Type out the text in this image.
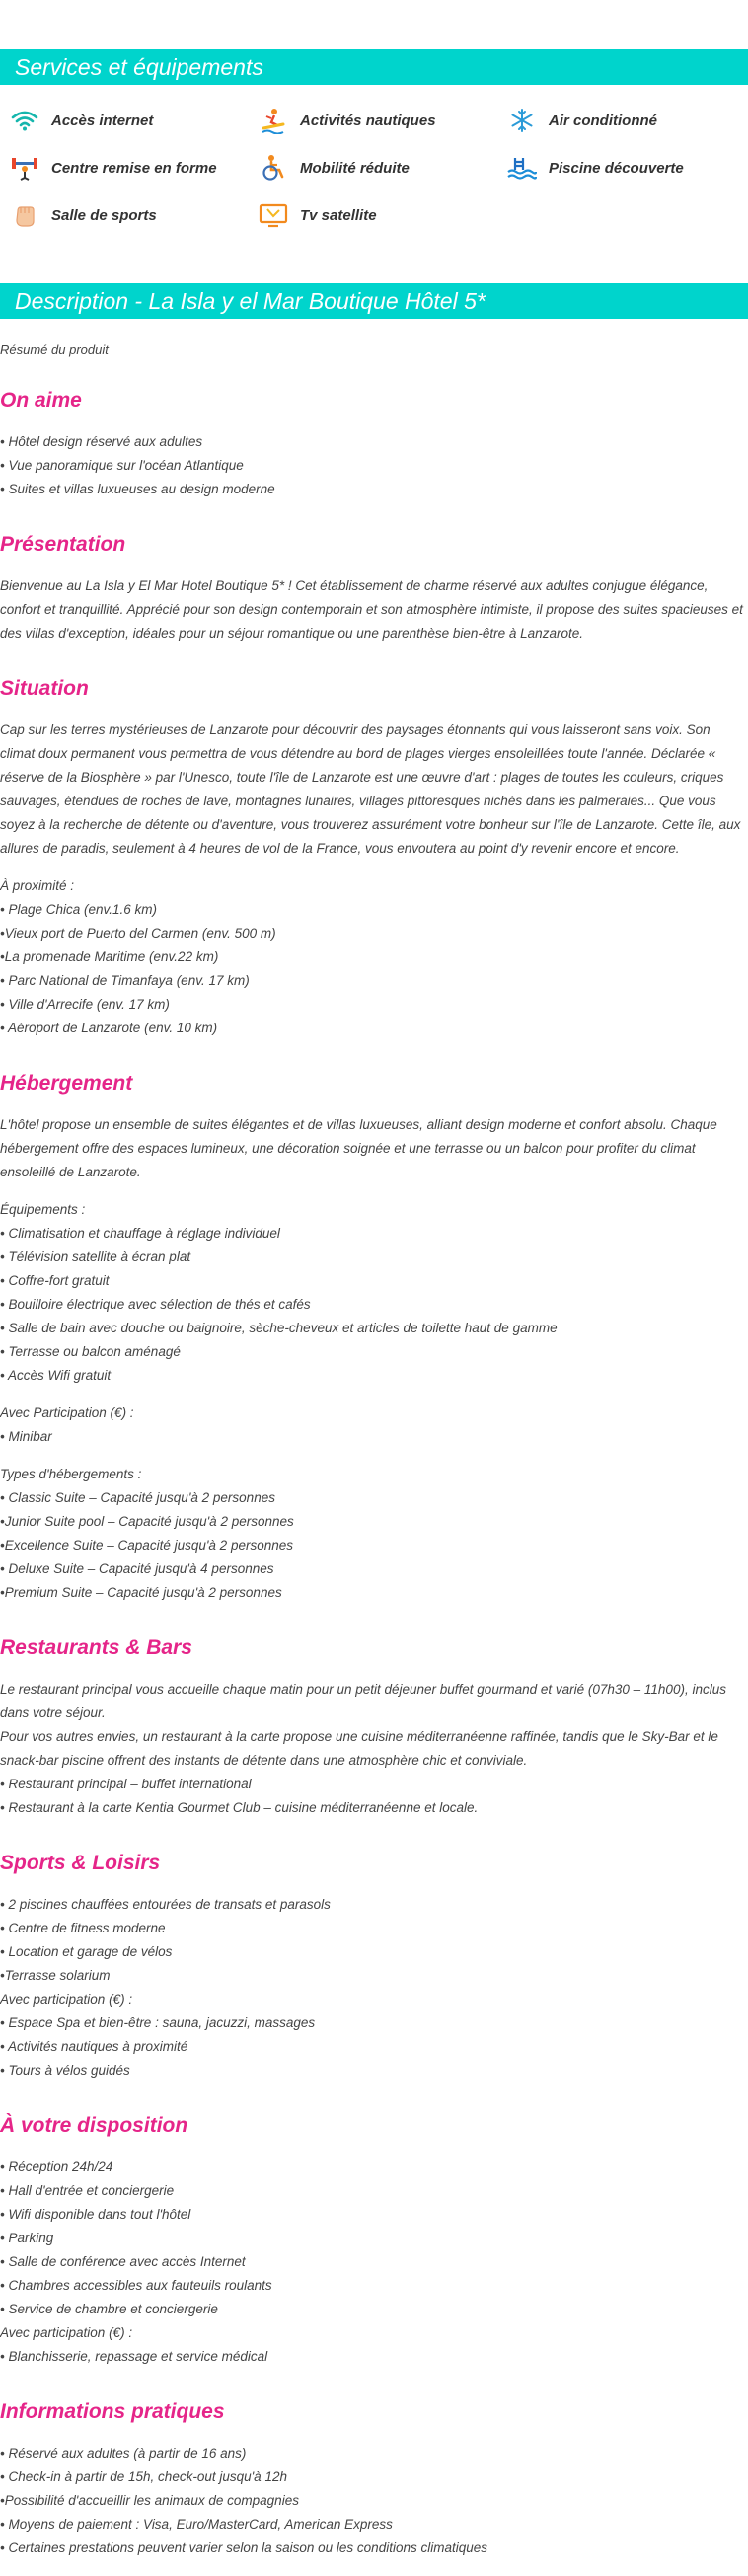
Services et équipements
Accès internet	Activités nautiques	Air conditionné
Centre remise en forme	Mobilité réduite	Piscine découverte
Salle de sports	Tv satellite
Description - La Isla y el Mar Boutique Hôtel 5*
Résumé du produit
On aime
• Hôtel design réservé aux adultes
• Vue panoramique sur l'océan Atlantique
• Suites et villas luxueuses au design moderne
Présentation

Bienvenue au La Isla y El Mar Hotel Boutique 5* ! Cet établissement de charme réservé aux adultes conjugue élégance, confort et tranquillité. Apprécié pour son design contemporain et son atmosphère intimiste, il propose des suites spacieuses et des villas d'exception, idéales pour un séjour romantique ou une parenthèse bien-être à Lanzarote.

Situation

Cap sur les terres mystérieuses de Lanzarote pour découvrir des paysages étonnants qui vous laisseront sans voix. Son climat doux permanent vous permettra de vous détendre au bord de plages vierges ensoleillées toute l'année. Déclarée « réserve de la Biosphère » par l'Unesco, toute l'île de Lanzarote est une œuvre d'art : plages de toutes les couleurs, criques sauvages, étendues de roches de lave, montagnes lunaires, villages pittoresques nichés dans les palmeraies... Que vous soyez à la recherche de détente ou d'aventure, vous trouverez assurément votre bonheur sur l'île de Lanzarote. Cette île, aux allures de paradis, seulement à 4 heures de vol de la France, vous envoutera au point d'y revenir encore et encore.

À proximité :
• Plage Chica (env.1.6 km)
•Vieux port de Puerto del Carmen (env. 500 m)
•La promenade Maritime (env.22 km)
• Parc National de Timanfaya (env. 17 km)
• Ville d'Arrecife (env. 17 km)
• Aéroport de Lanzarote (env. 10 km)
Hébergement

L'hôtel propose un ensemble de suites élégantes et de villas luxueuses, alliant design moderne et confort absolu. Chaque hébergement offre des espaces lumineux, une décoration soignée et une terrasse ou un balcon pour profiter du climat ensoleillé de Lanzarote.

Équipements :
• Climatisation et chauffage à réglage individuel
• Télévision satellite à écran plat
• Coffre-fort gratuit
• Bouilloire électrique avec sélection de thés et cafés
• Salle de bain avec douche ou baignoire, sèche-cheveux et articles de toilette haut de gamme
• Terrasse ou balcon aménagé
• Accès Wifi gratuit
Avec Participation (€) :
• Minibar
Types d'hébergements :
• Classic Suite – Capacité jusqu'à 2 personnes
•Junior Suite pool – Capacité jusqu'à 2 personnes
•Excellence Suite – Capacité jusqu'à 2 personnes
• Deluxe Suite – Capacité jusqu'à 4 personnes
•Premium Suite – Capacité jusqu'à 2 personnes
Restaurants & Bars
Le restaurant principal vous accueille chaque matin pour un petit déjeuner buffet gourmand et varié (07h30 – 11h00), inclus dans votre séjour.
Pour vos autres envies, un restaurant à la carte propose une cuisine méditerranéenne raffinée, tandis que le Sky-Bar et le snack-bar piscine offrent des instants de détente dans une atmosphère chic et conviviale.
• Restaurant principal – buffet international
• Restaurant à la carte Kentia Gourmet Club – cuisine méditerranéenne et locale.
Sports & Loisirs
• 2 piscines chauffées entourées de transats et parasols
• Centre de fitness moderne
• Location et garage de vélos
•Terrasse solarium
Avec participation (€) :
• Espace Spa et bien-être : sauna, jacuzzi, massages
• Activités nautiques à proximité
• Tours à vélos guidés
À votre disposition
• Réception 24h/24
• Hall d'entrée et conciergerie
• Wifi disponible dans tout l'hôtel
• Parking
• Salle de conférence avec accès Internet
• Chambres accessibles aux fauteuils roulants
• Service de chambre et conciergerie
Avec participation (€) :
• Blanchisserie, repassage et service médical
Informations pratiques
• Réservé aux adultes (à partir de 16 ans)
• Check-in à partir de 15h, check-out jusqu'à 12h
•Possibilité d'accueillir les animaux de compagnies
• Moyens de paiement : Visa, Euro/MasterCard, American Express
• Certaines prestations peuvent varier selon la saison ou les conditions climatiques
